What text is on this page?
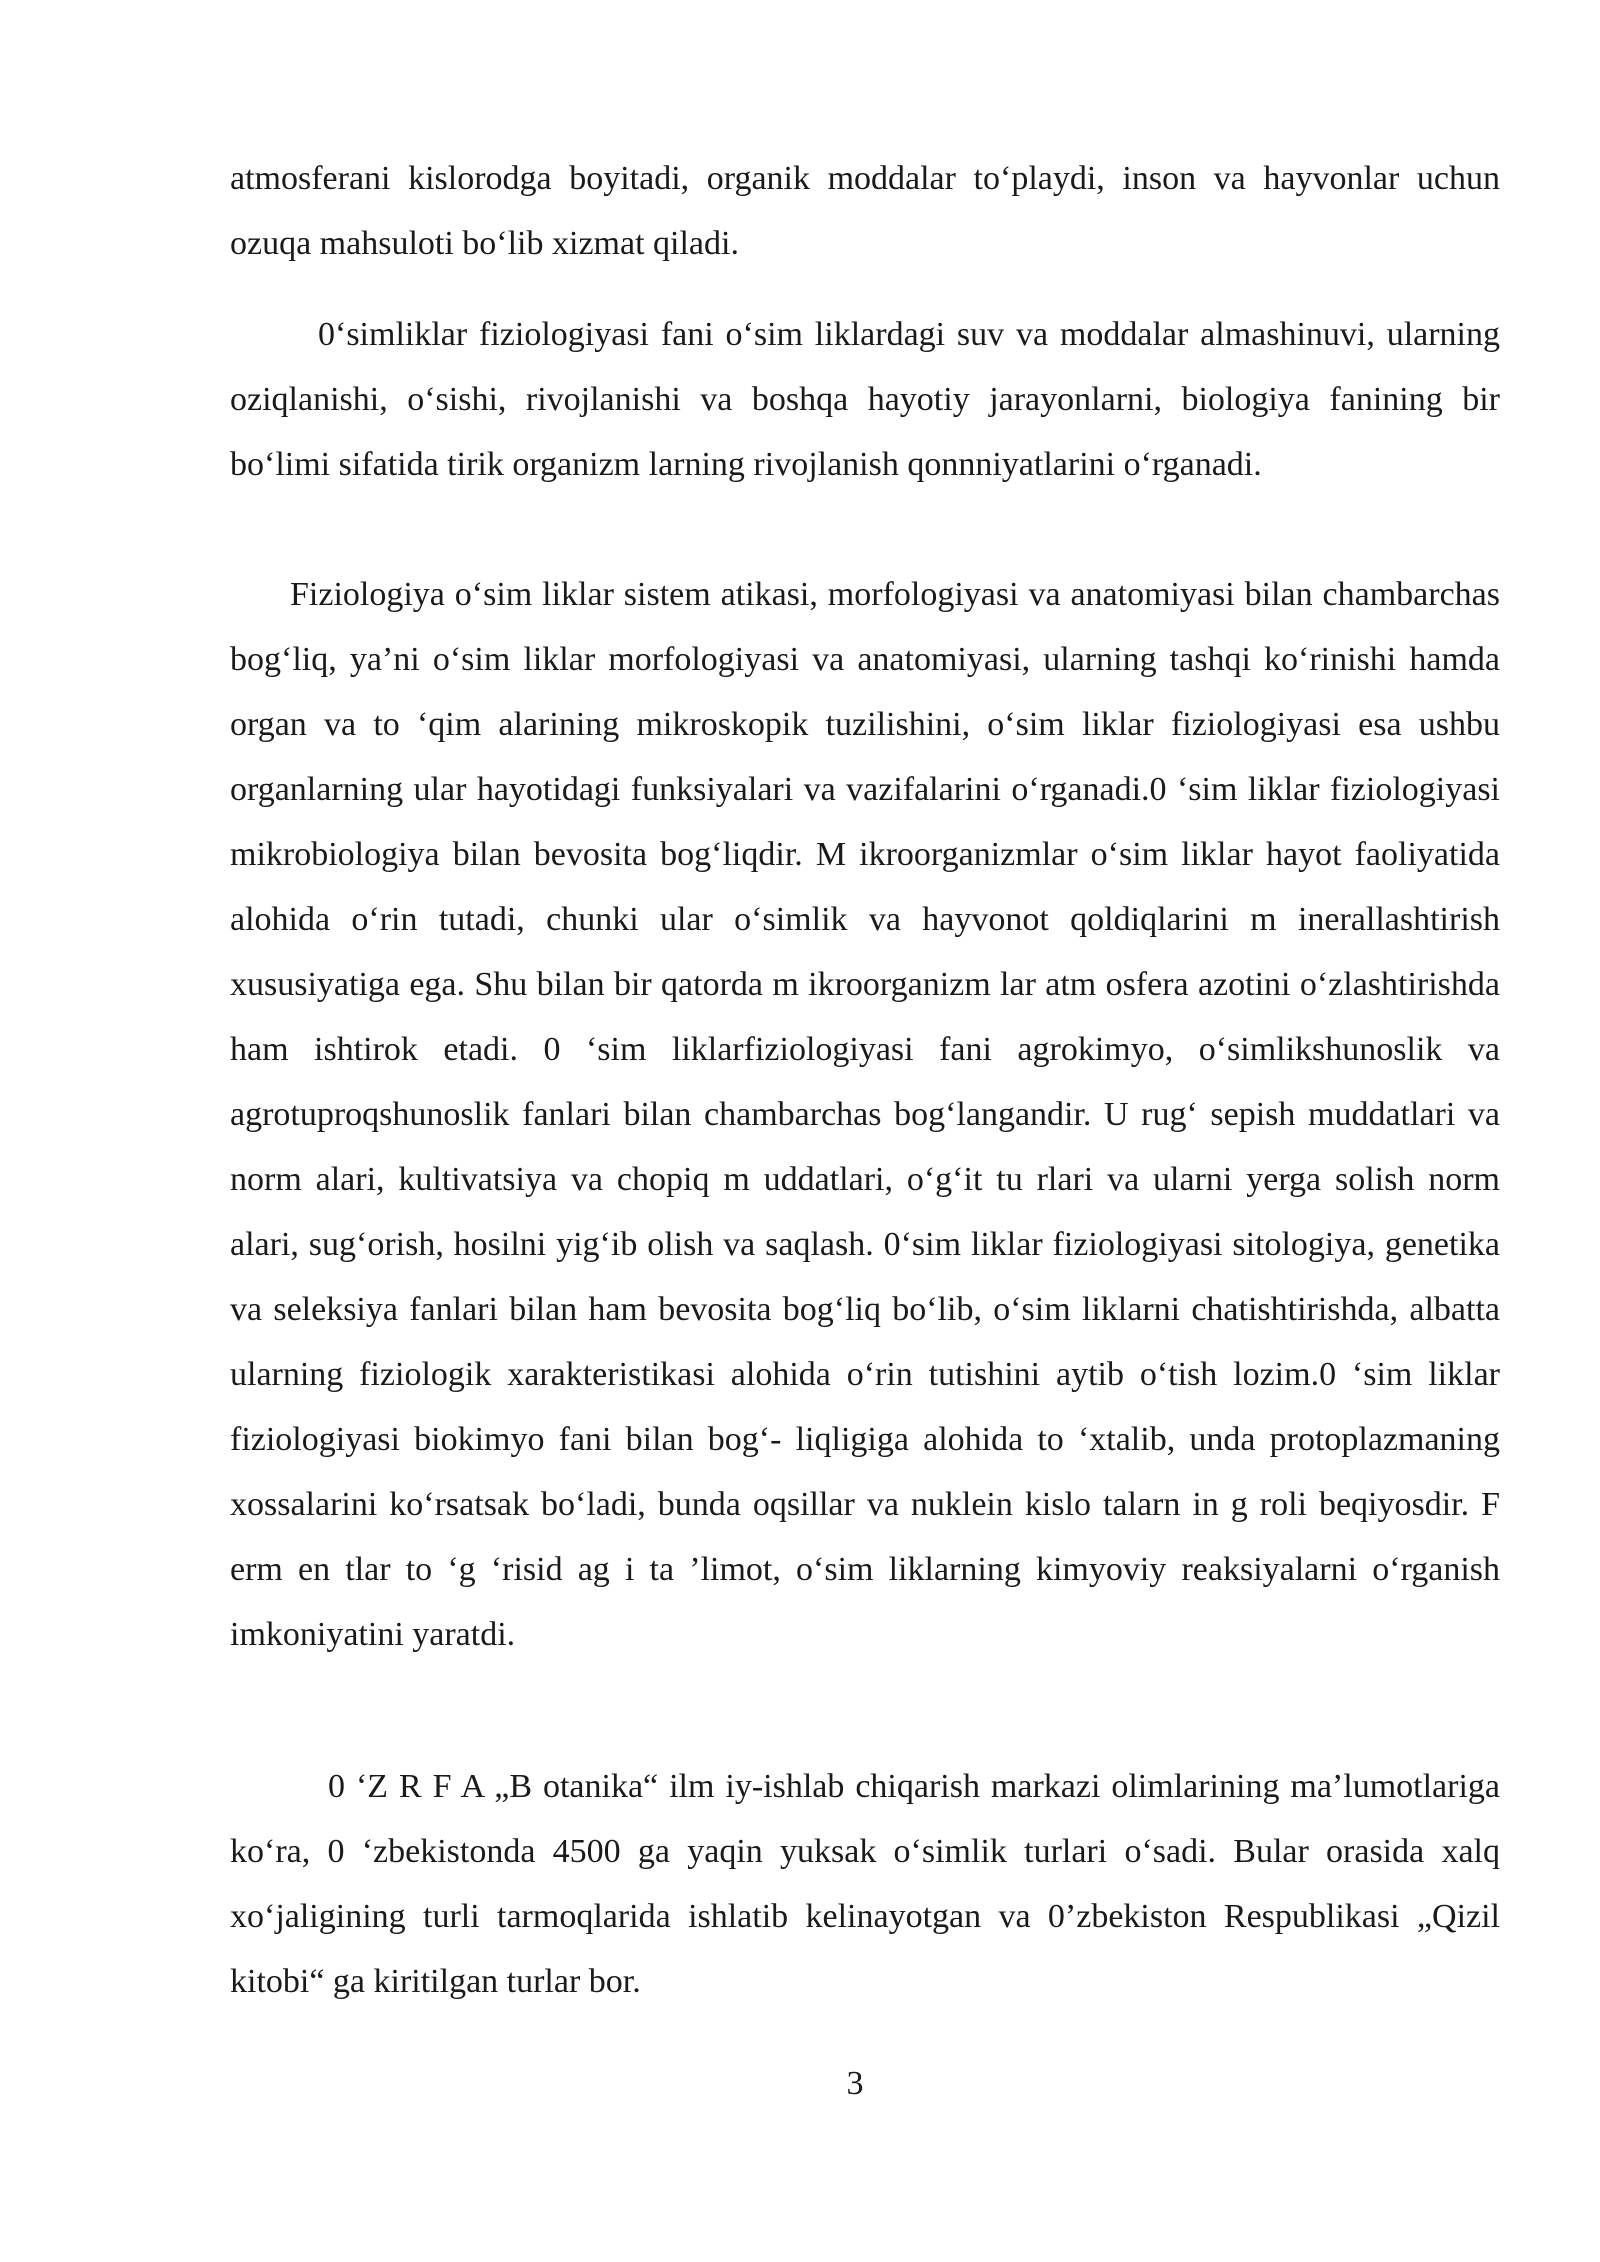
atmosferani kislorodga boyitadi, organik moddalar to‘playdi, inson va hayvonlar uchun ozuqa mahsuloti bo‘lib xizmat qiladi.

0‘simliklar fiziologiyasi fani o‘sim liklardagi suv va moddalar almashinuvi, ularning oziqlanishi, o‘sishi, rivojlanishi va boshqa hayotiy jarayonlarni, biologiya fanining bir bo‘limi sifatida tirik organizm larning rivojlanish qonnniyatlarini o‘rganadi.

Fiziologiya o‘sim liklar sistem atikasi, morfologiyasi va anatomiyasi bilan chambarchas bog‘liq, ya’ni o‘sim liklar morfologiyasi va anatomiyasi, ularning tashqi ko‘rinishi hamda organ va to ‘qim alarining mikroskopik tuzilishini, o‘sim liklar fiziologiyasi esa ushbu organlarning ular hayotidagi funksiyalari va vazifalarini o‘rganadi.0 ‘sim liklar fiziologiyasi mikrobiologiya bilan bevosita bog‘liqdir. M ikroorganizmlar o‘sim liklar hayot faoliyatida alohida o‘rin tutadi, chunki ular o‘simlik va hayvonot qoldiqlarini m inerallashtirish xususiyatiga ega. Shu bilan bir qatorda m ikroorganizm lar atm osfera azotini o‘zlashtirishda ham ishtirok etadi. 0 ‘sim liklarfiziologiyasi fani agrokimyo, o‘simlikshunoslik va agrotuproqshunoslik fanlari bilan chambarchas bog‘langandir. U rug‘ sepish muddatlari va norm alari, kultivatsiya va chopiq m uddatlari, o‘g‘it tu rlari va ularni yerga solish norm alari, sug‘orish, hosilni yig‘ib olish va saqlash. 0‘sim liklar fiziologiyasi sitologiya, genetika va seleksiya fanlari bilan ham bevosita bog‘liq bo‘lib, o‘sim liklarni chatishtirishda, albatta ularning fiziologik xarakteristikasi alohida o‘rin tutishini aytib o‘tish lozim.0 ‘sim liklar fiziologiyasi biokimyo fani bilan bog‘- liqligiga alohida to ‘xtalib, unda protoplazmaning xossalarini ko‘rsatsak bo‘ladi, bunda oqsillar va nuklein kislo talarn in g roli beqiyosdir. F erm en tlar to ‘g ‘risid ag i ta ’limot, o‘sim liklarning kimyoviy reaksiyalarni o‘rganish imkoniyatini yaratdi.

0 ‘Z R F A „B otanika“ ilm iy-ishlab chiqarish markazi olimlarining ma’lumotlariga ko‘ra, 0 ‘zbekistonda 4500 ga yaqin yuksak o‘simlik turlari o‘sadi. Bular orasida xalq xo‘jaligining turli tarmoqlarida ishlatib kelinayotgan va 0’zbekiston Respublikasi „Qizil kitobi“ ga kiritilgan turlar bor.

3
